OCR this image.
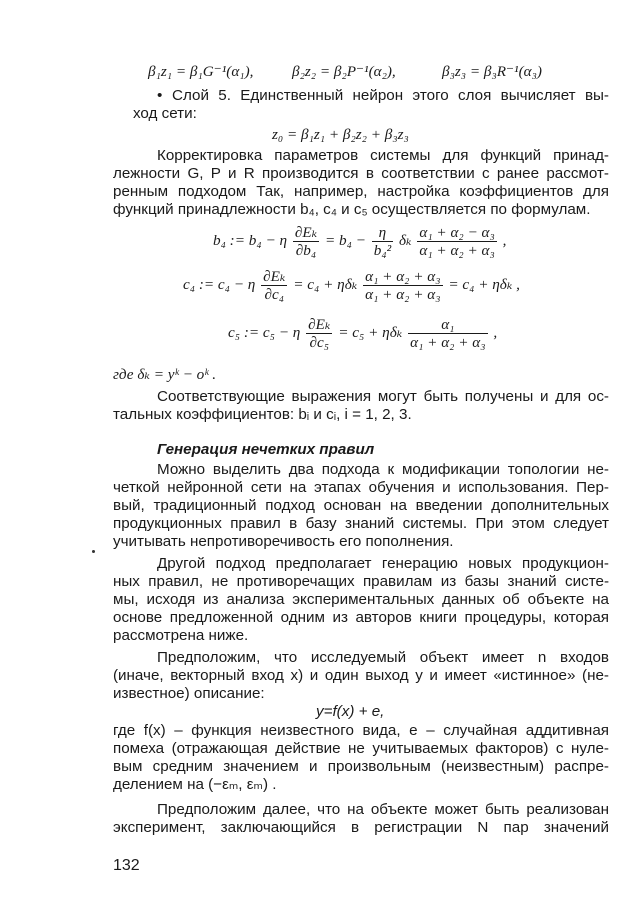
β₁z₁ = β₁G⁻¹(α₁),	β₂z₂ = β₂P⁻¹(α₂),	β₃z₃ = β₃R⁻¹(α₃)
• Слой 5. Единственный нейрон этого слоя вычисляет вы-
ход сети:
z₀ = β₁z₁ + β₂z₂ + β₃z₃
Корректировка параметров системы для функций принад-
лежности G, P и R производится в соответствии с ранее рассмот-
ренным подходом Так, например, настройка коэффициентов для
функций принадлежности b₄, c₄ и c₅ осуществляется по формулам.
b₄ := b₄ − η $\frac{\text{∂Eₖ}}{\text{∂b₄}} = b_4 - \frac{\eta}{\text{b₄²}}$ δₖ $\frac{\text{α₁ + α₂ − α₃}}{\text{α₁ + α₂ + α₃}}$ ,
c₄ := c₄ − η $\frac{\text{∂Eₖ}}{\text{∂c₄}} = c_4 + \eta\delta_k \frac{\text{α₁ + α₂ + α₃}}{\text{α₁ + α₂ + α₃}} = c_4 + \eta\delta_k$ ,
c₅ := c₅ − η $\frac{\text{∂Eₖ}}{\text{∂c₅}} = c_5 + \eta\delta_k \frac{\text{α₁}}{\text{α₁ + α₂ + α₃}}$ ,
где δₖ = yᵏ − oᵏ .
Соответствующие выражения могут быть получены и для ос-
тальных коэффициентов: bᵢ и cᵢ, i = 1, 2, 3.
Генерация нечетких правил
Можно выделить два подхода к модификации топологии не-
четкой нейронной сети на этапах обучения и использования. Пер-
вый, традиционный подход основан на введении дополнительных
продукционных правил в базу знаний системы. При этом следует
учитывать непротиворечивость его пополнения.
Другой подход предполагает генерацию новых продукцион-
ных правил, не противоречащих правилам из базы знаний систе-
мы, исходя из анализа экспериментальных данных об объекте на
основе предложенной одним из авторов книги процедуры, которая
рассмотрена ниже.
Предположим, что исследуемый объект имеет n входов
(иначе, векторный вход x) и один выход y и имеет «истинное» (не-
известное) описание:
y=f(x) + e,
где f(x) – функция неизвестного вида, e – случайная аддитивная
помеха (отражающая действие не учитываемых факторов) с нуле-
вым средним значением и произвольным (неизвестным) распре-
делением на (−εₘ, εₘ) .
Предположим далее, что на объекте может быть реализован
эксперимент, заключающийся в регистрации N пар значений
132
